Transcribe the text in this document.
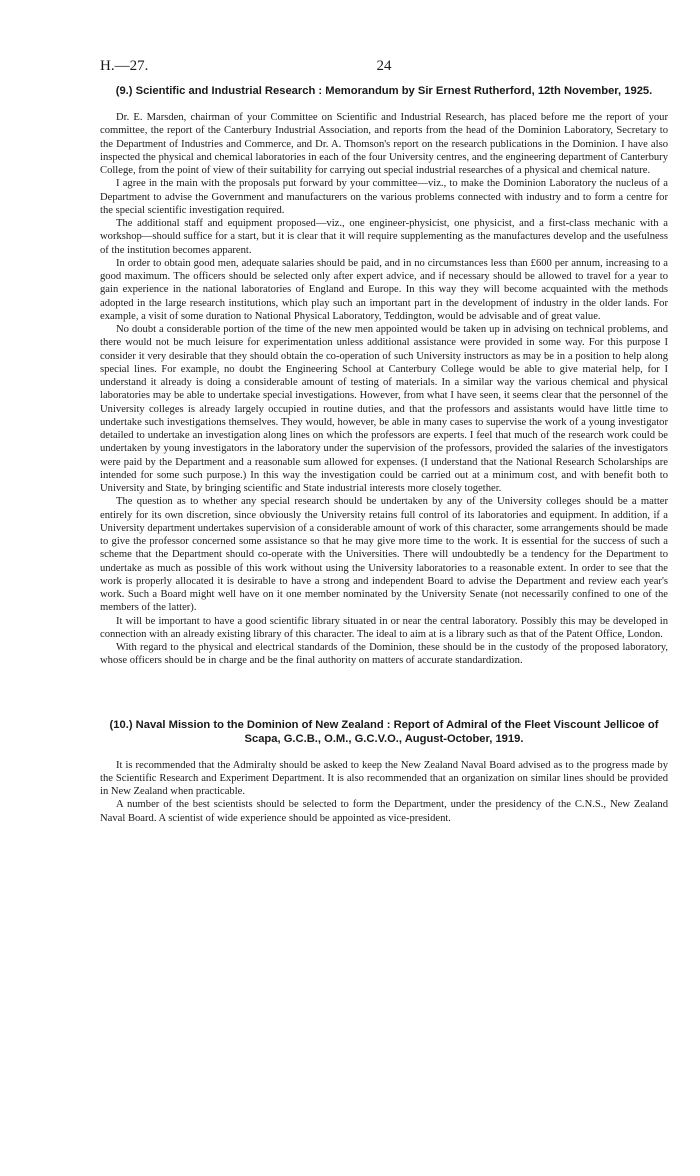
H.—27.	24
(9.) Scientific and Industrial Research : Memorandum by Sir Ernest Rutherford, 12th November, 1925.

Dr. E. Marsden, chairman of your Committee on Scientific and Industrial Research, has placed before me the report of your committee, the report of the Canterbury Industrial Association, and reports from the head of the Dominion Laboratory, Secretary to the Department of Industries and Commerce, and Dr. A. Thomson's report on the research publications in the Dominion. I have also inspected the physical and chemical laboratories in each of the four University centres, and the engineering department of Canterbury College, from the point of view of their suitability for carrying out special industrial researches of a physical and chemical nature.

I agree in the main with the proposals put forward by your committee—viz., to make the Dominion Laboratory the nucleus of a Department to advise the Government and manufacturers on the various problems connected with industry and to form a centre for the special scientific investigation required.

The additional staff and equipment proposed—viz., one engineer-physicist, one physicist, and a first-class mechanic with a workshop—should suffice for a start, but it is clear that it will require supplementing as the manufactures develop and the usefulness of the institution becomes apparent.

In order to obtain good men, adequate salaries should be paid, and in no circumstances less than £600 per annum, increasing to a good maximum. The officers should be selected only after expert advice, and if necessary should be allowed to travel for a year to gain experience in the national laboratories of England and Europe. In this way they will become acquainted with the methods adopted in the large research institutions, which play such an important part in the development of industry in the older lands. For example, a visit of some duration to National Physical Laboratory, Teddington, would be advisable and of great value.

No doubt a considerable portion of the time of the new men appointed would be taken up in advising on technical problems, and there would not be much leisure for experimentation unless additional assistance were provided in some way. For this purpose I consider it very desirable that they should obtain the co-operation of such University instructors as may be in a position to help along special lines. For example, no doubt the Engineering School at Canterbury College would be able to give material help, for I understand it already is doing a considerable amount of testing of materials. In a similar way the various chemical and physical laboratories may be able to undertake special investigations. However, from what I have seen, it seems clear that the personnel of the University colleges is already largely occupied in routine duties, and that the professors and assistants would have little time to undertake such investigations themselves. They would, however, be able in many cases to supervise the work of a young investigator detailed to undertake an investigation along lines on which the professors are experts. I feel that much of the research work could be undertaken by young investigators in the laboratory under the supervision of the professors, provided the salaries of the investigators were paid by the Department and a reasonable sum allowed for expenses. (I understand that the National Research Scholarships are intended for some such purpose.) In this way the investigation could be carried out at a minimum cost, and with benefit both to University and State, by bringing scientific and State industrial interests more closely together.

The question as to whether any special research should be undertaken by any of the University colleges should be a matter entirely for its own discretion, since obviously the University retains full control of its laboratories and equipment. In addition, if a University department undertakes supervision of a considerable amount of work of this character, some arrangements should be made to give the professor concerned some assistance so that he may give more time to the work. It is essential for the success of such a scheme that the Department should co-operate with the Universities. There will undoubtedly be a tendency for the Department to undertake as much as possible of this work without using the University laboratories to a reasonable extent. In order to see that the work is properly allocated it is desirable to have a strong and independent Board to advise the Department and review each year's work. Such a Board might well have on it one member nominated by the University Senate (not necessarily confined to one of the members of the latter).

It will be important to have a good scientific library situated in or near the central laboratory. Possibly this may be developed in connection with an already existing library of this character. The ideal to aim at is a library such as that of the Patent Office, London.

With regard to the physical and electrical standards of the Dominion, these should be in the custody of the proposed laboratory, whose officers should be in charge and be the final authority on matters of accurate standardization.

(10.) Naval Mission to the Dominion of New Zealand : Report of Admiral of the Fleet Viscount Jellicoe of Scapa, G.C.B., O.M., G.C.V.O., August-October, 1919.

It is recommended that the Admiralty should be asked to keep the New Zealand Naval Board advised as to the progress made by the Scientific Research and Experiment Department. It is also recommended that an organization on similar lines should be provided in New Zealand when practicable.

A number of the best scientists should be selected to form the Department, under the presidency of the C.N.S., New Zealand Naval Board. A scientist of wide experience should be appointed as vice-president.
